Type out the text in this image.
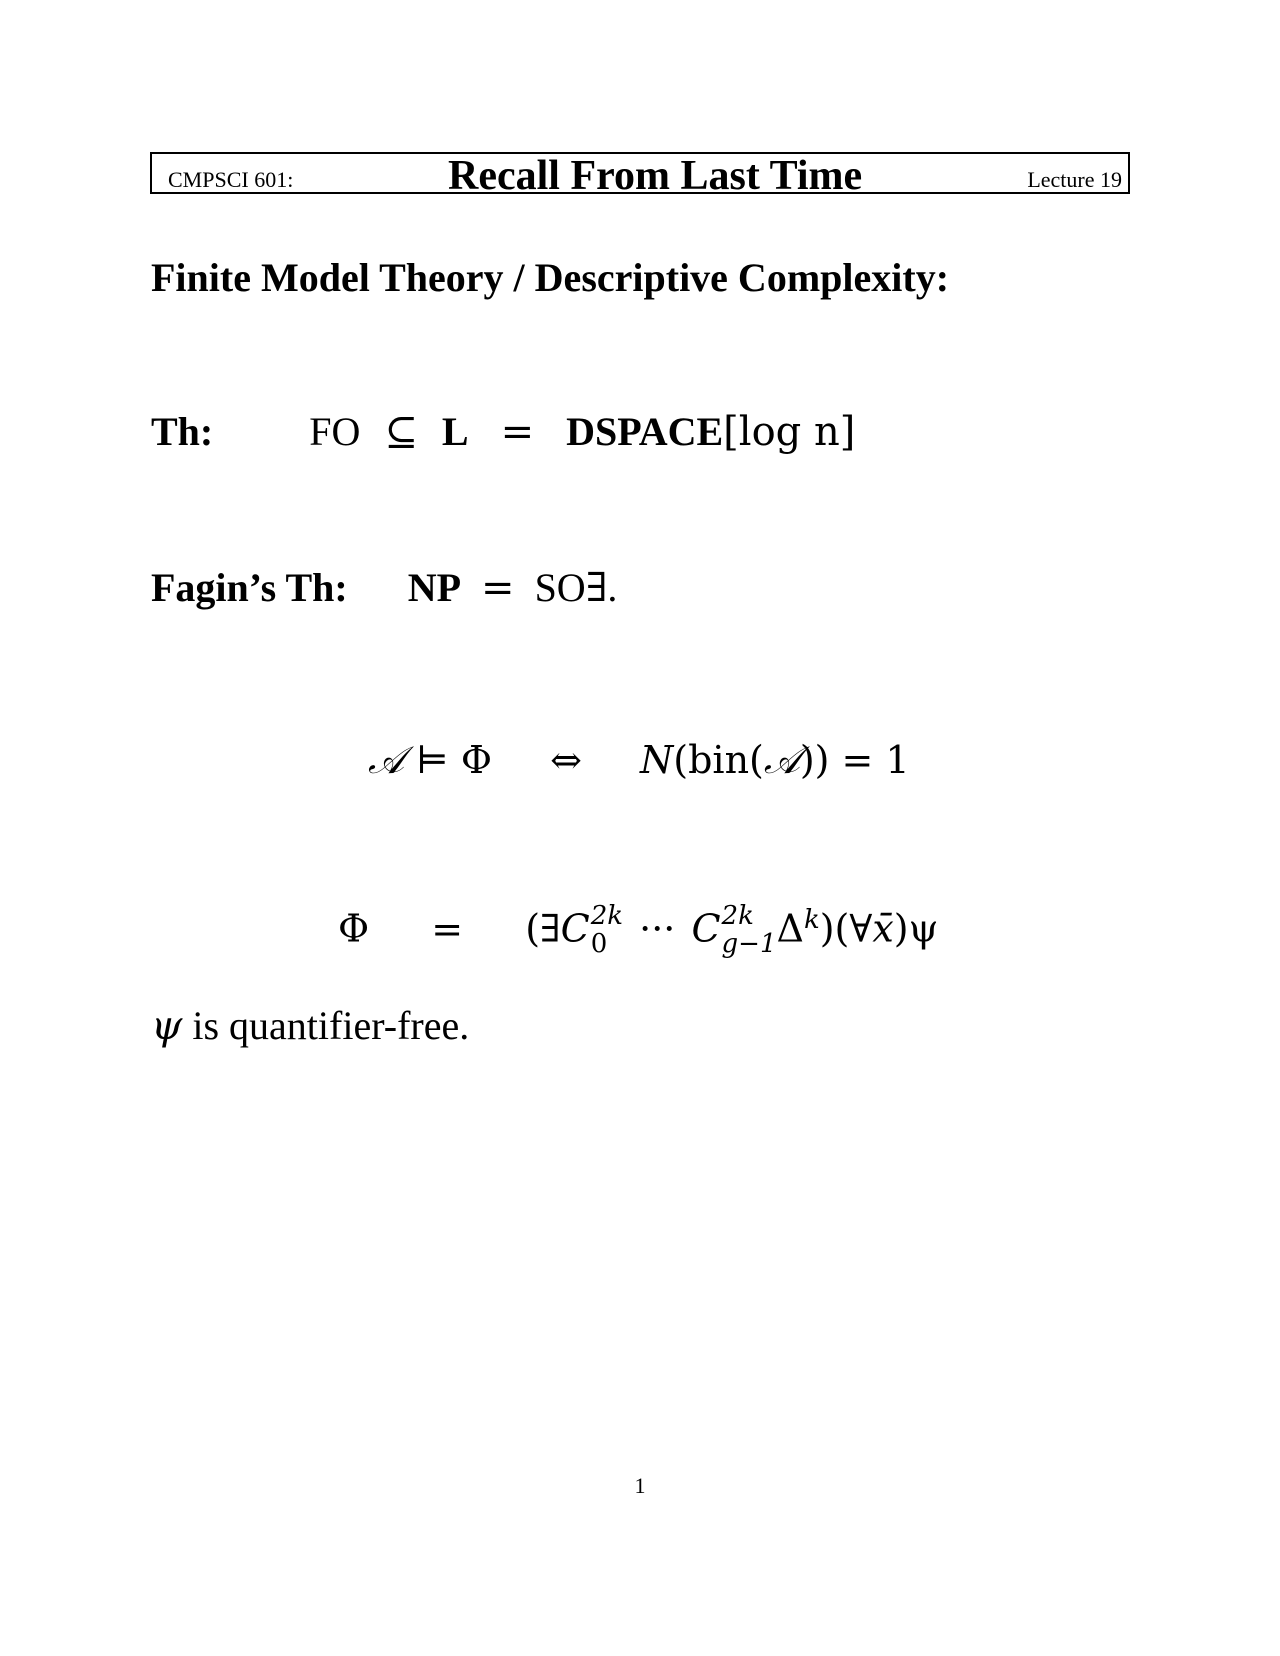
CMPSCI 601:	Recall From Last Time	Lecture 19
Finite Model Theory / Descriptive Complexity:
Th: FO ⊆ L = DSPACE[log n]
Fagin’s Th: NP = SO∃.
𝒜 ⊨ Φ ⇔ N(bin(𝒜)) = 1
Φ = (∃C 2k
0 ··· C 2k
g−1 $\Delta^k)(\forall x̄)\psi$
ψ is quantifier-free.
1
